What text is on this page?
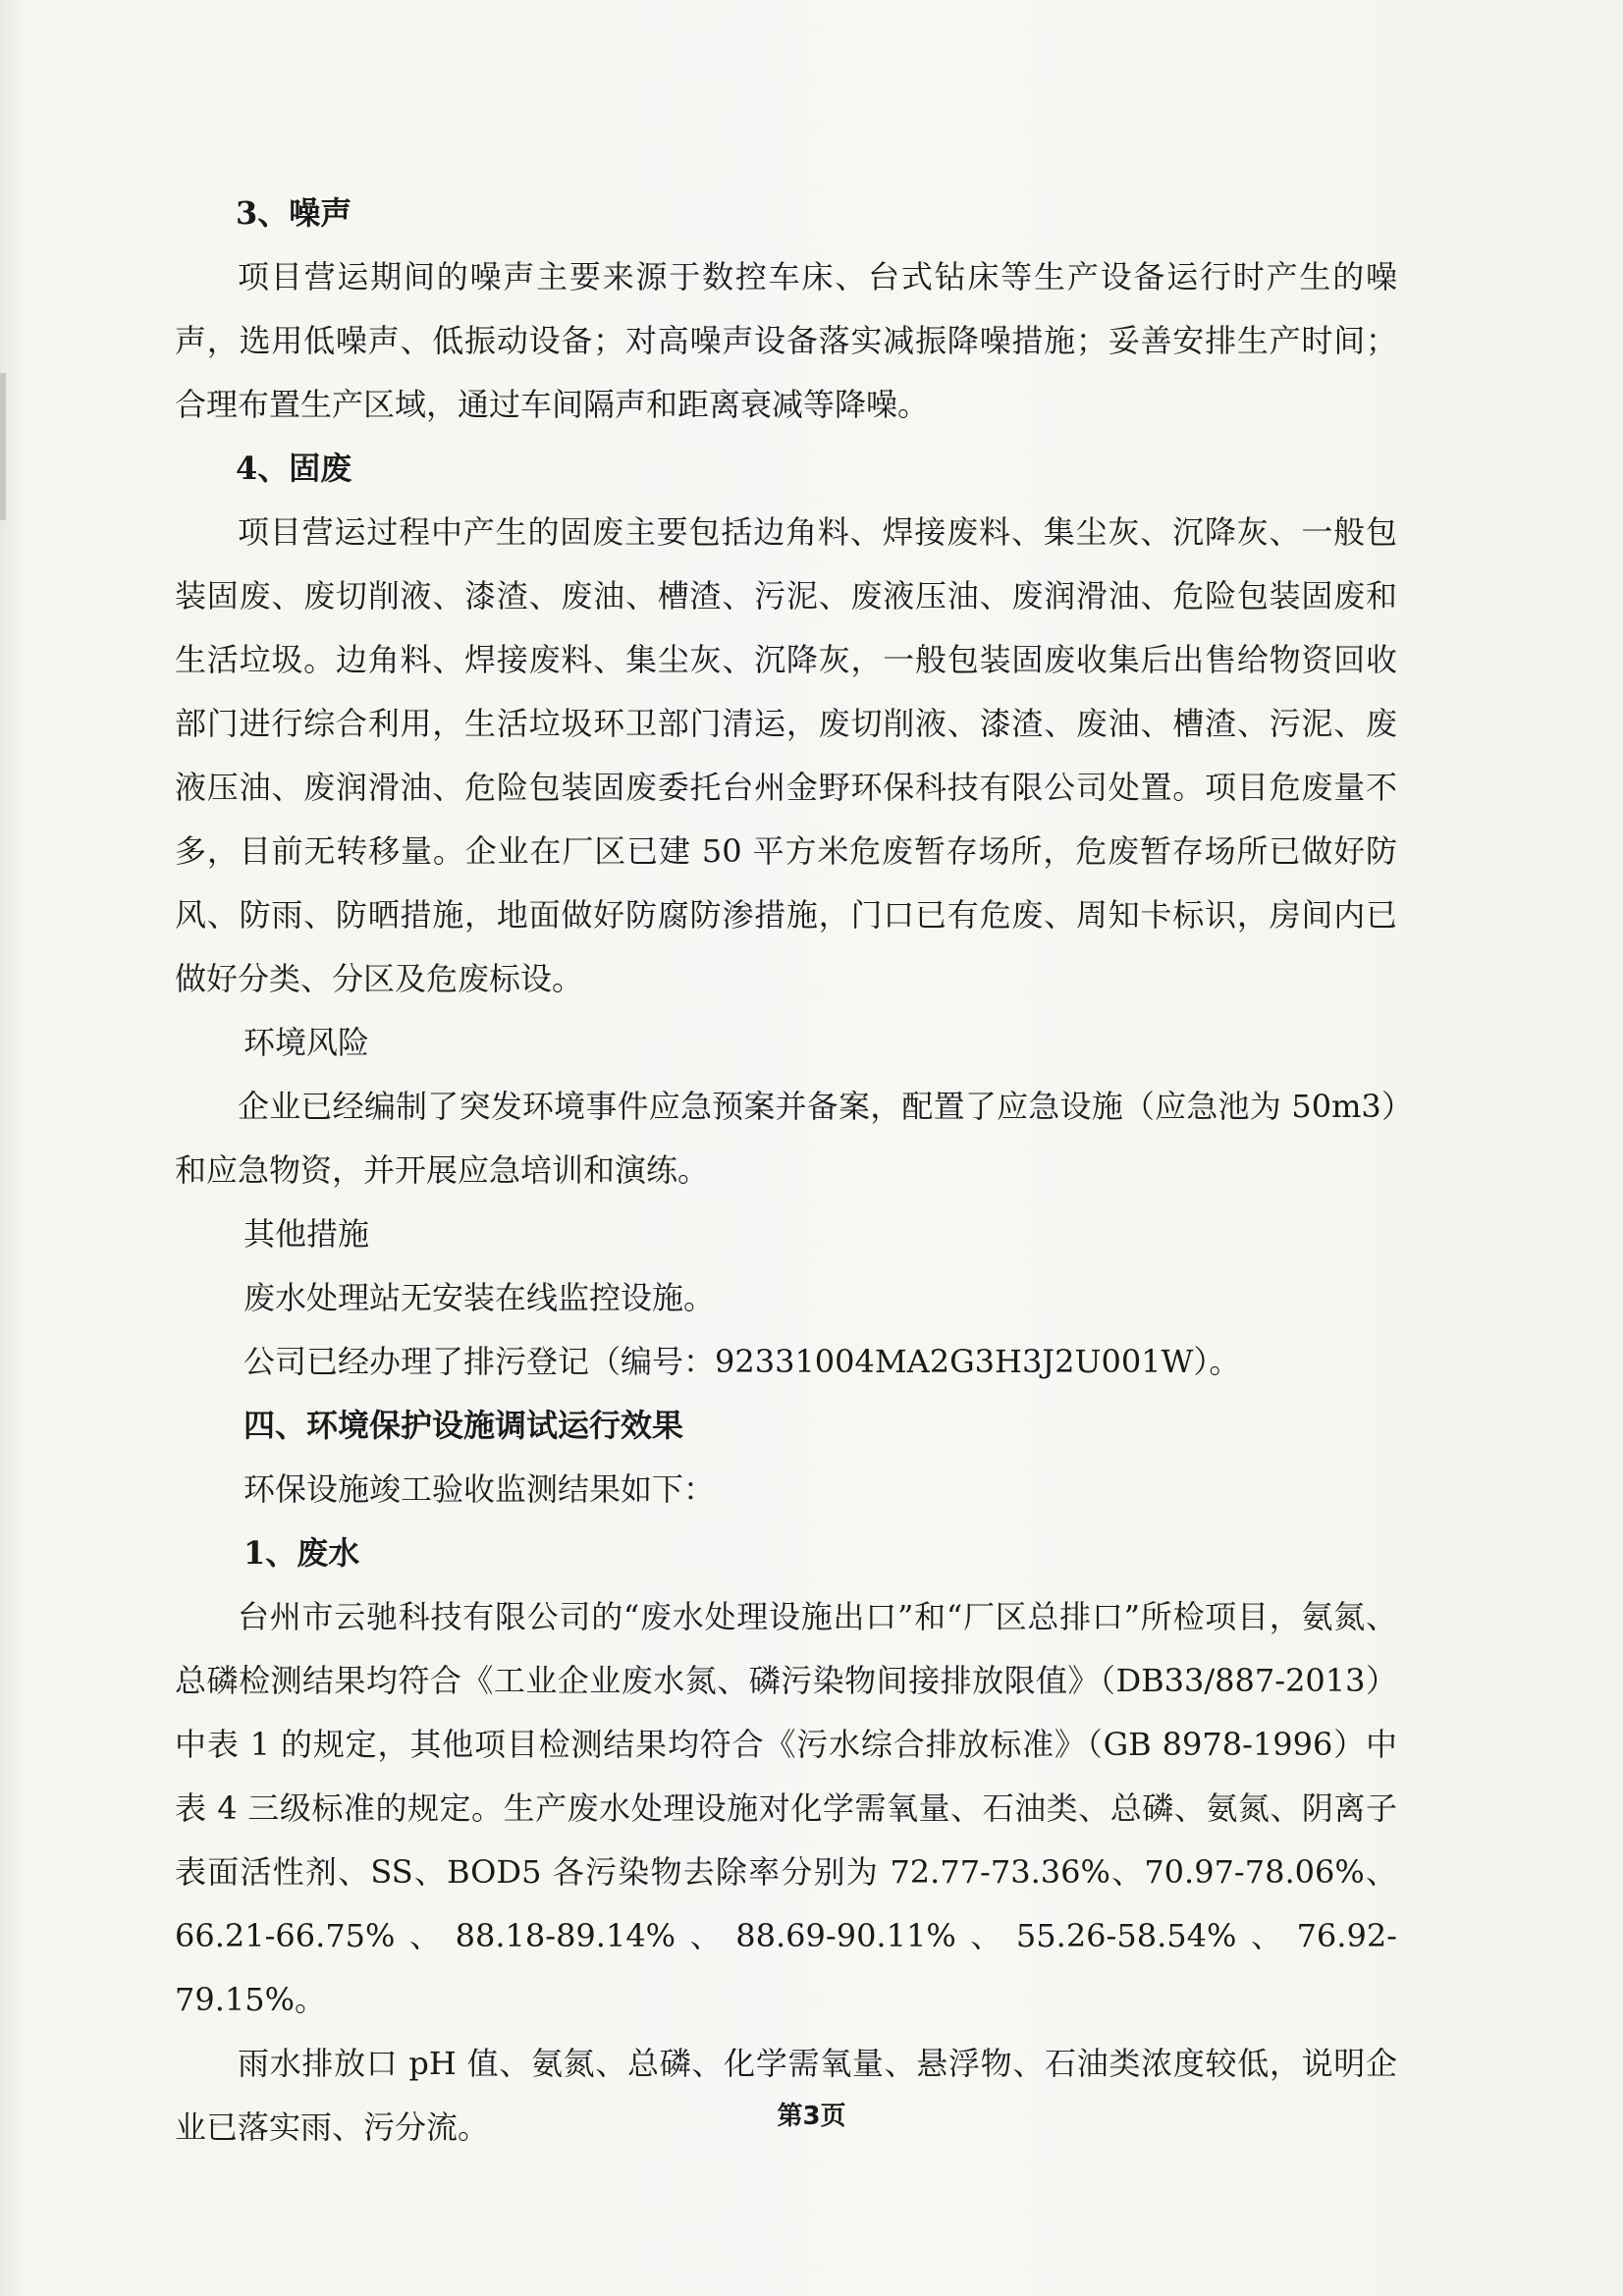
3、噪声

项目营运期间的噪声主要来源于数控车床、台式钻床等生产设备运行时产生的噪声，选用低噪声、低振动设备；对高噪声设备落实减振降噪措施；妥善安排生产时间；合理布置生产区域，通过车间隔声和距离衰减等降噪。

4、固废

项目营运过程中产生的固废主要包括边角料、焊接废料、集尘灰、沉降灰、一般包装固废、废切削液、漆渣、废油、槽渣、污泥、废液压油、废润滑油、危险包装固废和生活垃圾。边角料、焊接废料、集尘灰、沉降灰，一般包装固废收集后出售给物资回收部门进行综合利用，生活垃圾环卫部门清运，废切削液、漆渣、废油、槽渣、污泥、废液压油、废润滑油、危险包装固废委托台州金野环保科技有限公司处置。项目危废量不多，目前无转移量。企业在厂区已建 50 平方米危废暂存场所，危废暂存场所已做好防风、防雨、防晒措施，地面做好防腐防渗措施，门口已有危废、周知卡标识，房间内已做好分类、分区及危废标设。

环境风险

企业已经编制了突发环境事件应急预案并备案，配置了应急设施（应急池为 50m3）和应急物资，并开展应急培训和演练。

其他措施

废水处理站无安装在线监控设施。

公司已经办理了排污登记（编号：92331004MA2G3H3J2U001W）。

四、环境保护设施调试运行效果

环保设施竣工验收监测结果如下：

1、废水

台州市云驰科技有限公司的“废水处理设施出口”和“厂区总排口”所检项目，氨氮、总磷检测结果均符合《工业企业废水氮、磷污染物间接排放限值》（DB33/887-2013）中表 1 的规定，其他项目检测结果均符合《污水综合排放标准》（GB 8978-1996）中表 4 三级标准的规定。生产废水处理设施对化学需氧量、石油类、总磷、氨氮、阴离子表面活性剂、SS、BOD5 各污染物去除率分别为 72.77-73.36%、70.97-78.06%、66.21-66.75%、88.18-89.14%、88.69-90.11%、55.26-58.54%、76.92-79.15%。

雨水排放口 pH 值、氨氮、总磷、化学需氧量、悬浮物、石油类浓度较低，说明企业已落实雨、污分流。	第3页
